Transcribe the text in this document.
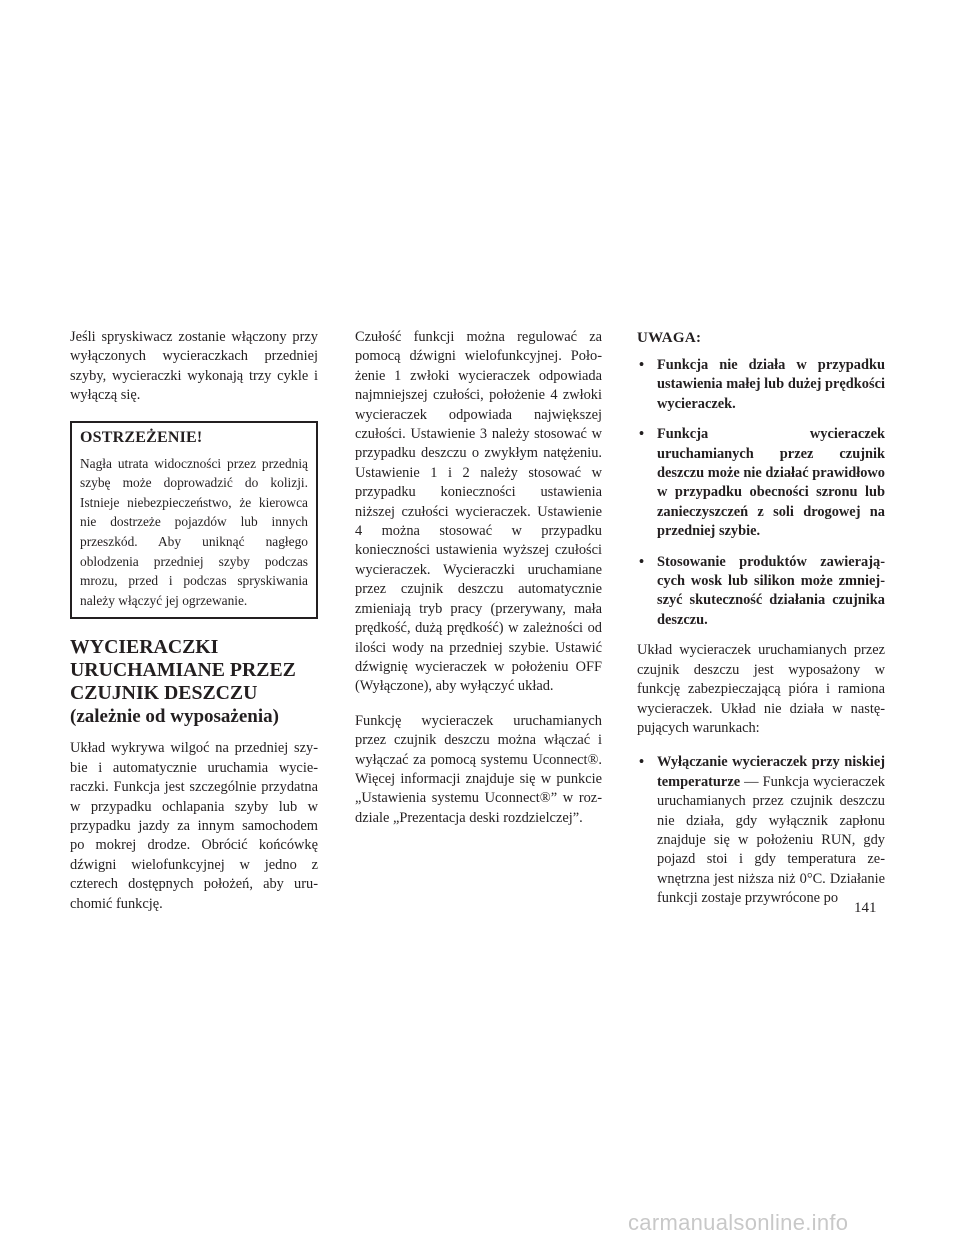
Jeśli spryskiwacz zostanie włączony przy wyłączonych wycieraczkach przedniej szyby, wycieraczki wykonają trzy cykle i wyłączą się.

OSTRZEŻENIE!

Nagła utrata widoczności przez przednią szybę może doprowadzić do kolizji. Istnieje niebezpieczeństwo, że kierowca nie dostrzeże pojazdów lub innych przeszkód. Aby uniknąć nagłego oblodzenia przedniej szyby podczas mrozu, przed i podczas spryskiwania należy włączyć jej ogrzewanie.

WYCIERACZKI
URUCHAMIANE PRZEZ
CZUJNIK DESZCZU
(zależnie od wyposażenia)

Układ wykrywa wilgoć na przedniej szybie i automatycznie uruchamia wycieraczki. Funkcja jest szczególnie przydatna w przypadku ochlapania szyby lub w przypadku jazdy za innym samochodem po mokrej drodze. Obrócić końcówkę dźwigni wielofunkcyjnej w jedno z czterech dostępnych położeń, aby uruchomić funkcję.

Czułość funkcji można regulować za pomocą dźwigni wielofunkcyjnej. Położenie 1 zwłoki wycieraczek odpowiada najmniejszej czułości, położenie 4 zwłoki wycieraczek odpowiada największej czułości. Ustawienie 3 należy stosować w przypadku deszczu o zwykłym natężeniu. Ustawienie 1 i 2 należy stosować w przypadku konieczności ustawienia niższej czułości wycieraczek. Ustawienie 4 można stosować w przypadku konieczności ustawienia wyższej czułości wycieraczek. Wycieraczki uruchamiane przez czujnik deszczu automatycznie zmieniają tryb pracy (przerywany, mała prędkość, dużą prędkość) w zależności od ilości wody na przedniej szybie. Ustawić dźwignię wycieraczek w położeniu OFF (Wyłączone), aby wyłączyć układ.

Funkcję wycieraczek uruchamianych przez czujnik deszczu można włączać i wyłączać za pomocą systemu Uconnect®. Więcej informacji znajduje się w punkcie „Ustawienia systemu Uconnect®” w rozdziale „Prezentacja deski rozdzielczej”.

UWAGA:
• Funkcja nie działa w przypadku ustawienia małej lub dużej prędkości wycieraczek.
• Funkcja wycieraczek uruchamianych przez czujnik deszczu może nie działać prawidłowo w przypadku obecności szronu lub zanieczyszczeń z soli drogowej na przedniej szybie.
• Stosowanie produktów zawierających wosk lub silikon może zmniejszyć skuteczność działania czujnika deszczu.

Układ wycieraczek uruchamianych przez czujnik deszczu jest wyposażony w funkcję zabezpieczającą pióra i ramiona wycieraczek. Układ nie działa w następujących warunkach:

• Wyłączanie wycieraczek przy niskiej temperaturze — Funkcja wycieraczek uruchamianych przez czujnik deszczu nie działa, gdy wyłącznik zapłonu znajduje się w położeniu RUN, gdy pojazd stoi i gdy temperatura zewnętrzna jest niższa niż 0°C. Działanie funkcji zostaje przywrócone po
141
carmanualsonline.info
